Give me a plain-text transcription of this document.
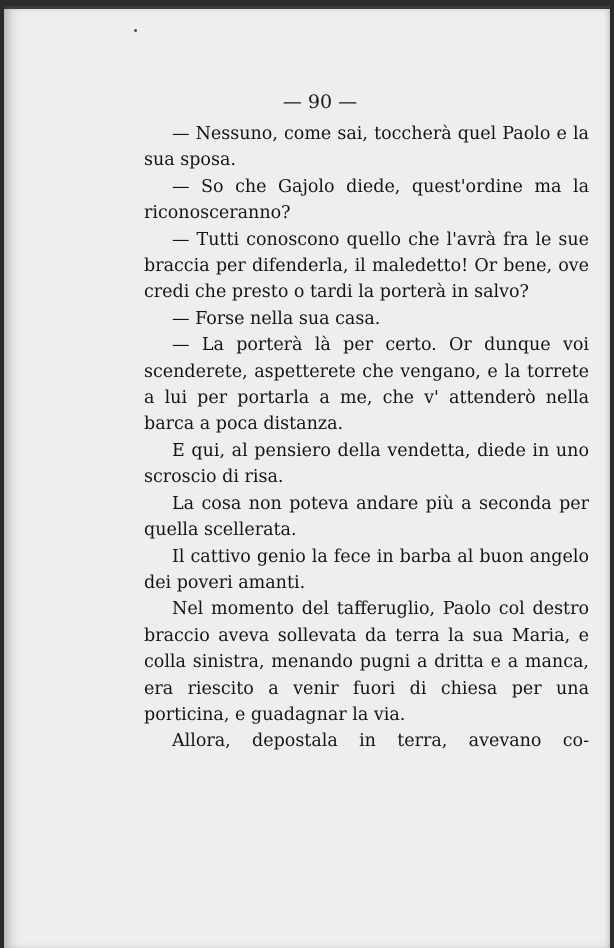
— 90 —

— Nessuno, come sai, toccherà quel Paolo e la sua sposa.

— So che Gajolo diede, quest'ordine ma la riconosceranno?

— Tutti conoscono quello che l'avrà fra le sue braccia per difenderla, il maledetto! Or bene, ove credi che presto o tardi la porterà in salvo?

— Forse nella sua casa.

— La porterà là per certo. Or dunque voi scenderete, aspetterete che vengano, e la torrete a lui per portarla a me, che v' attenderò nella barca a poca distanza.

E qui, al pensiero della vendetta, diede in uno scroscio di risa.

La cosa non poteva andare più a seconda per quella scellerata.

Il cattivo genio la fece in barba al buon angelo dei poveri amanti.

Nel momento del tafferuglio, Paolo col destro braccio aveva sollevata da terra la sua Maria, e colla sinistra, menando pugni a dritta e a manca, era riescito a venir fuori di chiesa per una porticina, e guadagnar la via.

Allora, depostala in terra, avevano co-
